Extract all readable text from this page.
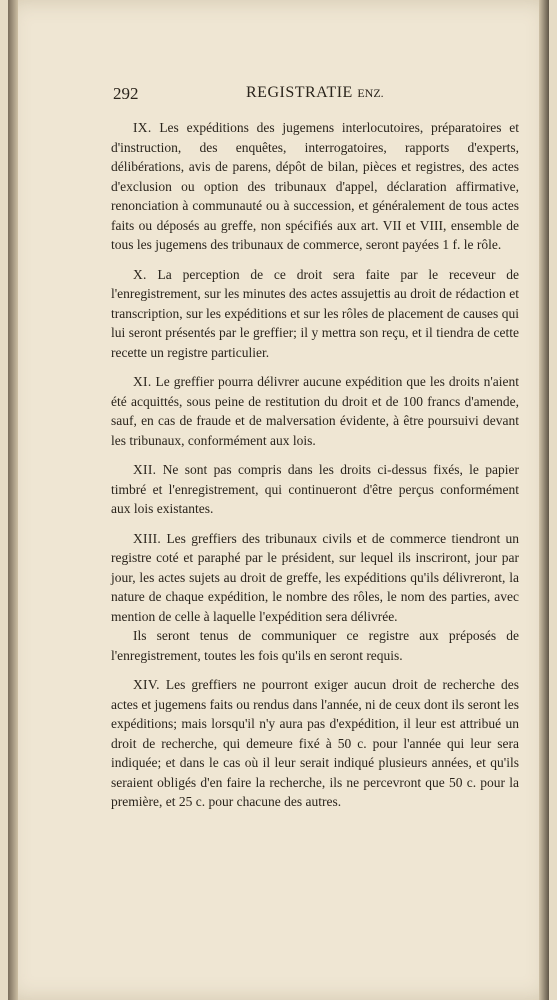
292	REGISTRATIE ENZ.

IX. Les expéditions des jugemens interlocutoires, préparatoires et d'instruction, des enquêtes, interrogatoires, rapports d'experts, délibérations, avis de parens, dépôt de bilan, pièces et registres, des actes d'exclusion ou option des tribunaux d'appel, déclaration affirmative, renonciation à communauté ou à succession, et généralement de tous actes faits ou déposés au greffe, non spécifiés aux art. VII et VIII, ensemble de tous les jugemens des tribunaux de commerce, seront payées 1 f. le rôle.

X. La perception de ce droit sera faite par le receveur de l'enregistrement, sur les minutes des actes assujettis au droit de rédaction et transcription, sur les expéditions et sur les rôles de placement de causes qui lui seront présentés par le greffier; il y mettra son reçu, et il tiendra de cette recette un registre particulier.

XI. Le greffier pourra délivrer aucune expédition que les droits n'aient été acquittés, sous peine de restitution du droit et de 100 francs d'amende, sauf, en cas de fraude et de malversation évidente, à être poursuivi devant les tribunaux, conformément aux lois.

XII. Ne sont pas compris dans les droits ci-dessus fixés, le papier timbré et l'enregistrement, qui continueront d'être perçus conformément aux lois existantes.

XIII. Les greffiers des tribunaux civils et de commerce tiendront un registre coté et paraphé par le président, sur lequel ils inscriront, jour par jour, les actes sujets au droit de greffe, les expéditions qu'ils délivreront, la nature de chaque expédition, le nombre des rôles, le nom des parties, avec mention de celle à laquelle l'expédition sera délivrée.

Ils seront tenus de communiquer ce registre aux préposés de l'enregistrement, toutes les fois qu'ils en seront requis.

XIV. Les greffiers ne pourront exiger aucun droit de recherche des actes et jugemens faits ou rendus dans l'année, ni de ceux dont ils seront les expéditions; mais lorsqu'il n'y aura pas d'expédition, il leur est attribué un droit de recherche, qui demeure fixé à 50 c. pour l'année qui leur sera indiquée; et dans le cas où il leur serait indiqué plusieurs années, et qu'ils seraient obligés d'en faire la recherche, ils ne percevront que 50 c. pour la première, et 25 c. pour chacune des autres.
